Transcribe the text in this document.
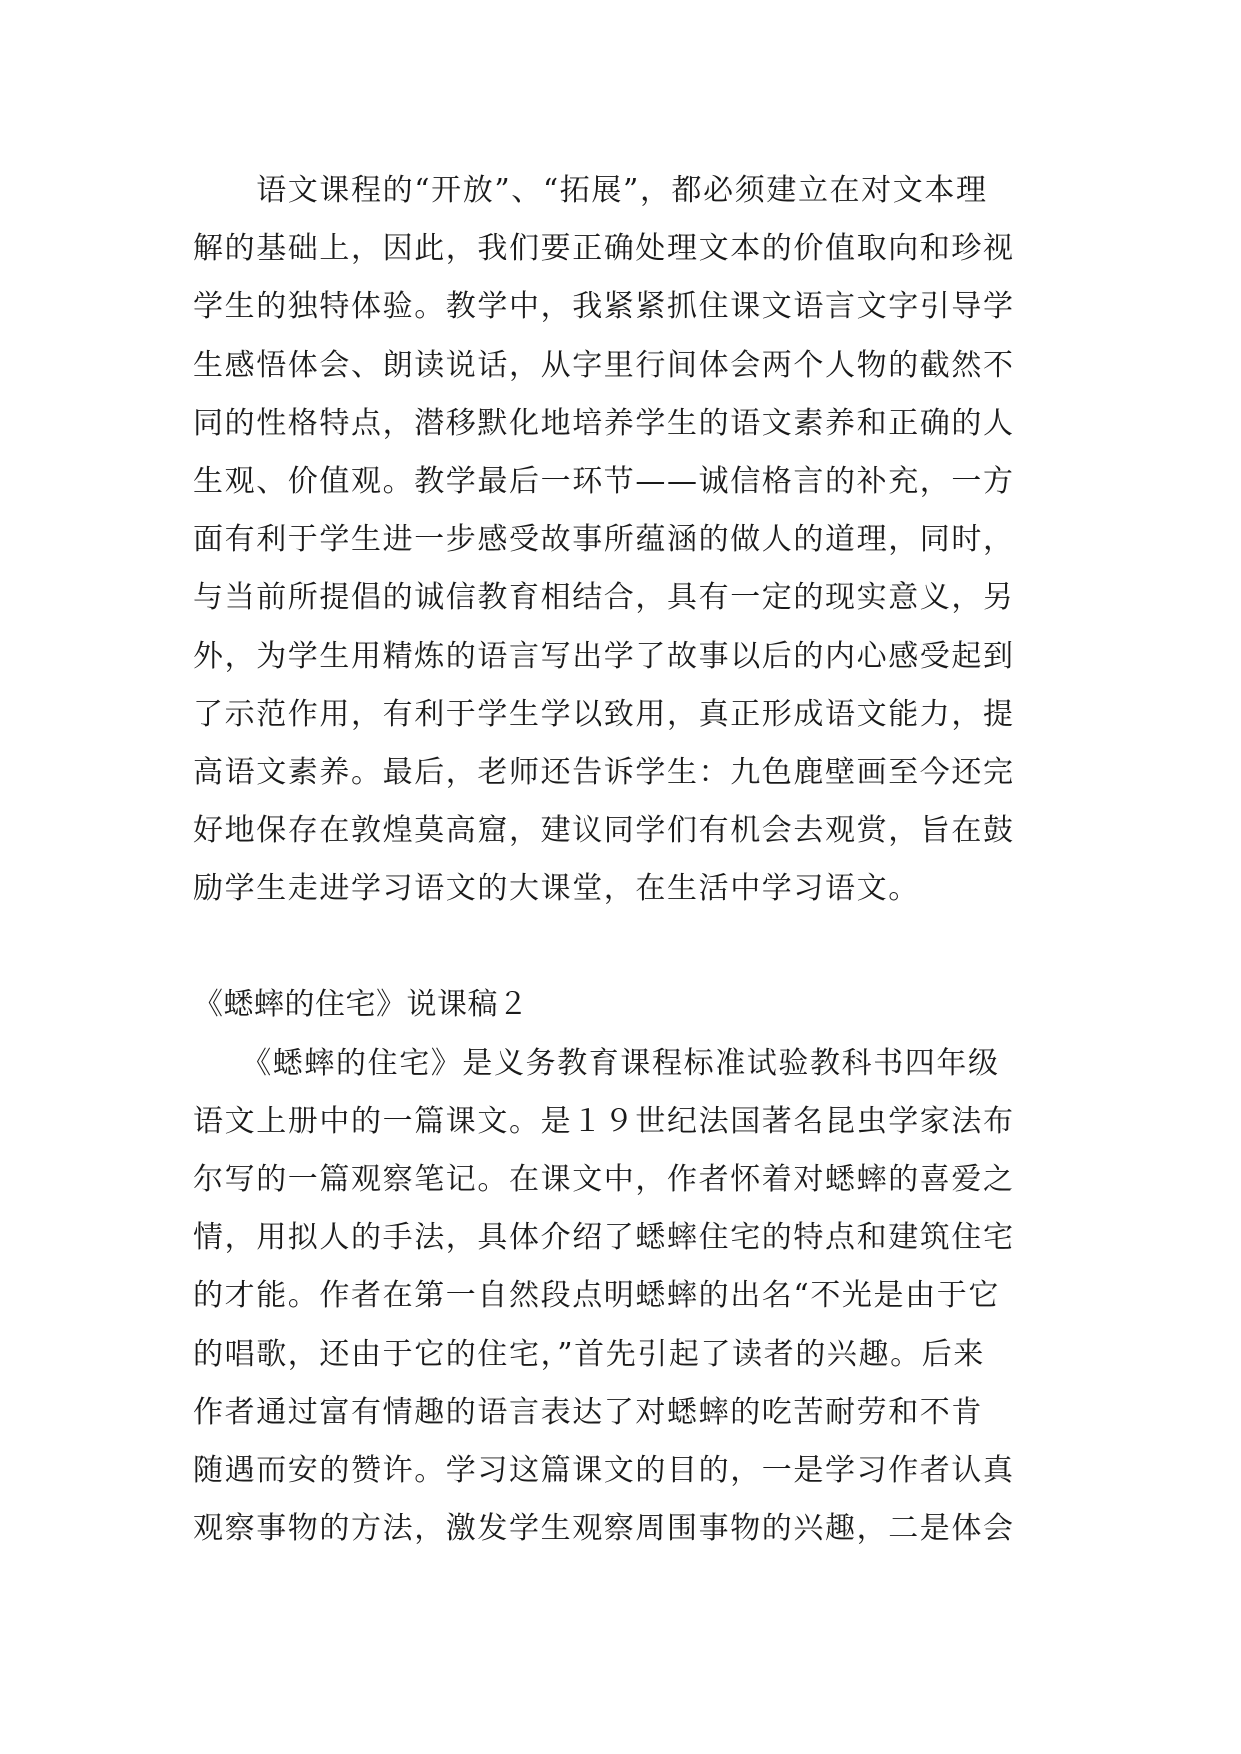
　　语文课程的“开放”、“拓展”，都必须建立在对文本理
解的基础上，因此，我们要正确处理文本的价值取向和珍视
学生的独特体验。教学中，我紧紧抓住课文语言文字引导学
生感悟体会、朗读说话，从字里行间体会两个人物的截然不
同的性格特点，潜移默化地培养学生的语文素养和正确的人
生观、价值观。教学最后一环节——诚信格言的补充，一方
面有利于学生进一步感受故事所蕴涵的做人的道理，同时，
与当前所提倡的诚信教育相结合，具有一定的现实意义，另
外，为学生用精炼的语言写出学了故事以后的内心感受起到
了示范作用，有利于学生学以致用，真正形成语文能力，提
高语文素养。最后，老师还告诉学生：九色鹿壁画至今还完
好地保存在敦煌莫高窟，建议同学们有机会去观赏，旨在鼓
励学生走进学习语文的大课堂，在生活中学习语文。
《蟋蟀的住宅》说课稿２
　　《蟋蟀的住宅》是义务教育课程标准试验教科书四年级
语文上册中的一篇课文。是１９世纪法国著名昆虫学家法布
尔写的一篇观察笔记。在课文中，作者怀着对蟋蟀的喜爱之
情，用拟人的手法，具体介绍了蟋蟀住宅的特点和建筑住宅
的才能。作者在第一自然段点明蟋蟀的出名“不光是由于它
的唱歌，还由于它的住宅，”首先引起了读者的兴趣。后来
作者通过富有情趣的语言表达了对蟋蟀的吃苦耐劳和不肯
随遇而安的赞许。学习这篇课文的目的，一是学习作者认真
观察事物的方法，激发学生观察周围事物的兴趣，二是体会
